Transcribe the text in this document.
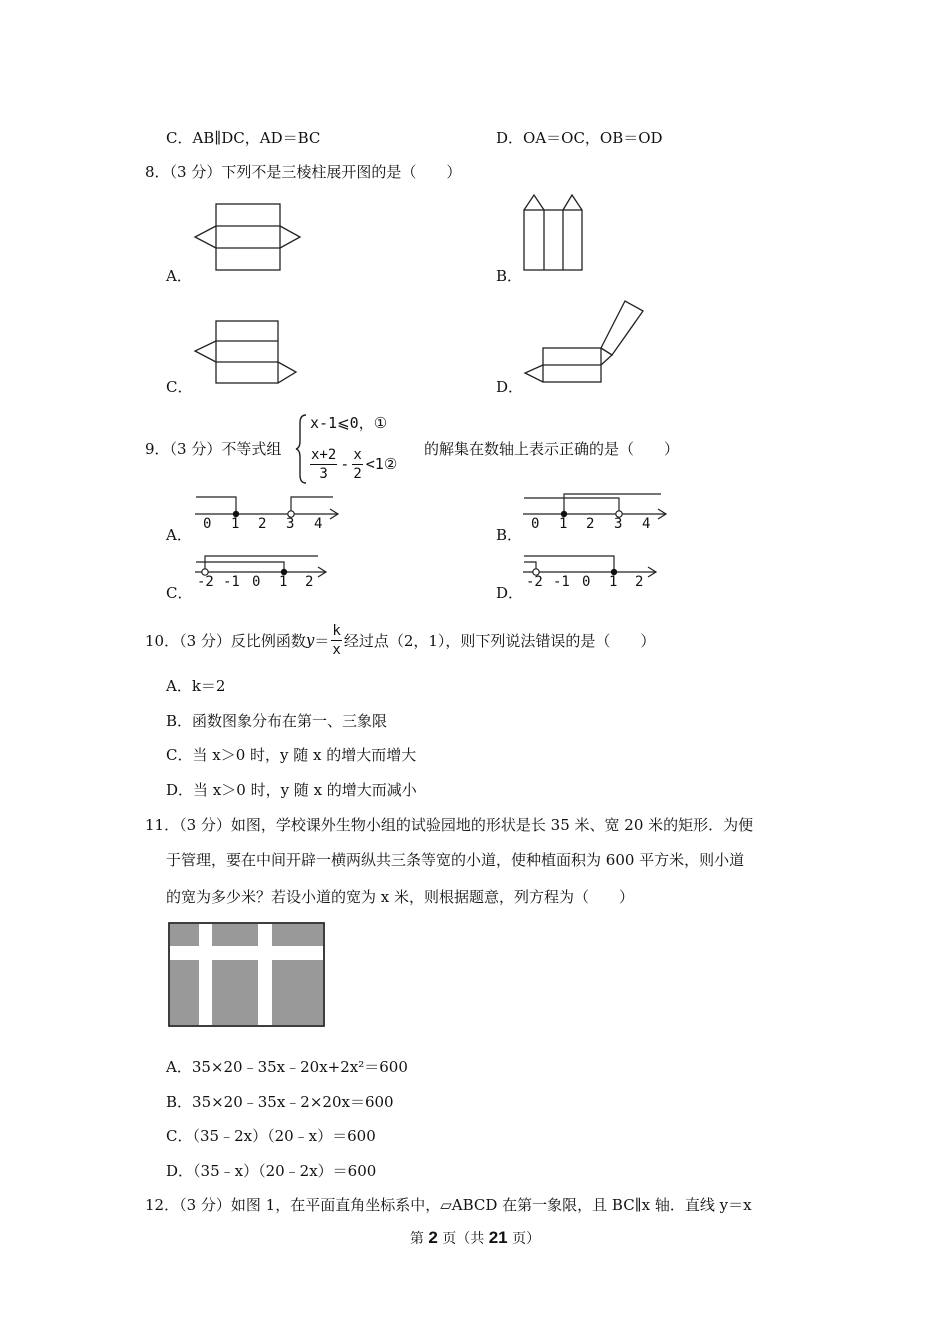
C．AB∥DC，AD＝BC	D．OA＝OC，OB＝OD
8．（3 分）下列不是三棱柱展开图的是（　　）
A．	B．
C．	D．
9．（3 分）不等式组
x-1⩽0，①
$\frac{x+2}{3} - \frac{x}{2}$ <1②
的解集在数轴上表示正确的是（　　）
0 1 2 3 4
A．
0 1 2 3 4
B．
-2 -1 0 1 2
C．
-2 -1 0 1 2
D．
10．（3 分）反比例函数 $y = \frac{k}{x}$ 经过点（2，1），则下列说法错误的是（　　）
A．k＝2
B．函数图象分布在第一、三象限
C．当 x＞0 时，y 随 x 的增大而增大
D．当 x＞0 时，y 随 x 的增大而减小
11．（3 分）如图，学校课外生物小组的试验园地的形状是长 35 米、宽 20 米的矩形．为便
于管理，要在中间开辟一横两纵共三条等宽的小道，使种植面积为 600 平方米，则小道
的宽为多少米？若设小道的宽为 x 米，则根据题意，列方程为（　　）
A．35×20﹣35x﹣20x+2x²＝600
B．35×20﹣35x﹣2×20x＝600
C．（35﹣2x）（20﹣x）＝600
D．（35﹣x）（20﹣2x）＝600
12．（3 分）如图 1，在平面直角坐标系中，▱ABCD 在第一象限，且 BC∥x 轴．直线 y＝x
第 2 页（共 21 页）
